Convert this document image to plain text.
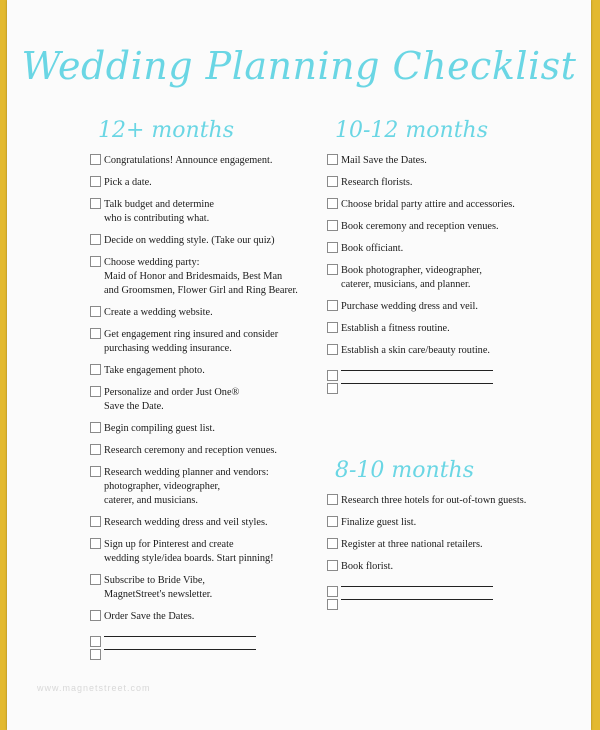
Wedding Planning Checklist
12+ months
Congratulations! Announce engagement.
Pick a date.
Talk budget and determine
who is contributing what.
Decide on wedding style. (Take our quiz)
Choose wedding party:
Maid of Honor and Bridesmaids, Best Man
and Groomsmen, Flower Girl and Ring Bearer.
Create a wedding website.
Get engagement ring insured and consider
purchasing wedding insurance.
Take engagement photo.
Personalize and order Just One®
Save the Date.
Begin compiling guest list.
Research ceremony and reception venues.
Research wedding planner and vendors:
photographer, videographer,
caterer, and musicians.
Research wedding dress and veil styles.
Sign up for Pinterest and create
wedding style/idea boards. Start pinning!
Subscribe to Bride Vibe,
MagnetStreet's newsletter.
Order Save the Dates.
10-12 months
Mail Save the Dates.
Research florists.
Choose bridal party attire and accessories.
Book ceremony and reception venues.
Book officiant.
Book photographer, videographer,
caterer, musicians, and planner.
Purchase wedding dress and veil.
Establish a fitness routine.
Establish a skin care/beauty routine.
8-10 months
Research three hotels for out-of-town guests.
Finalize guest list.
Register at three national retailers.
Book florist.
www.magnetstreet.com
